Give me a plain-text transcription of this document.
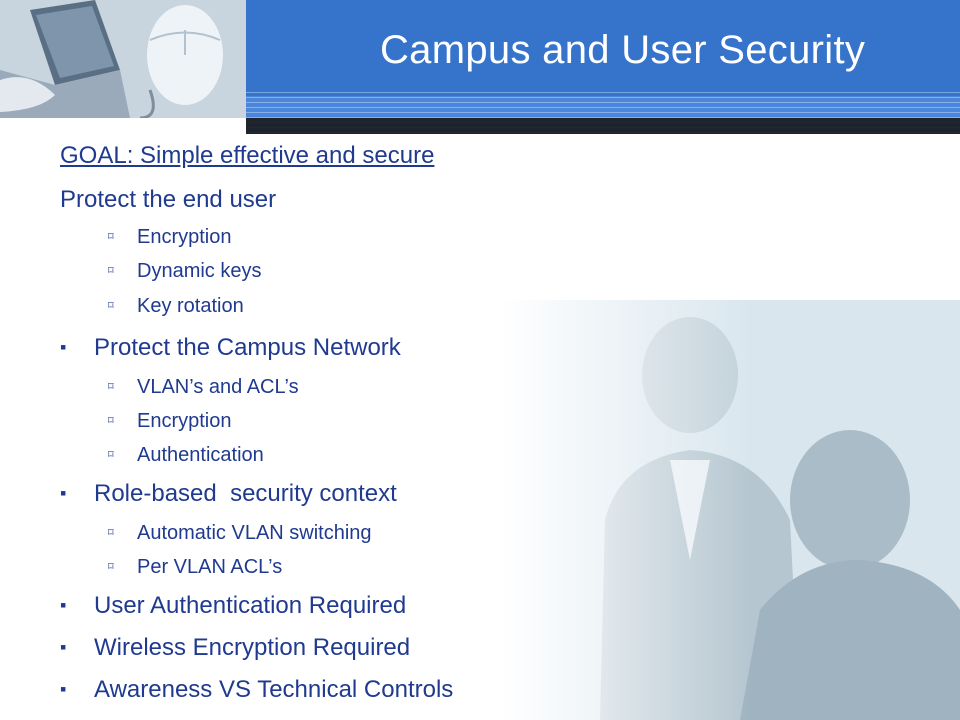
Campus and User Security
GOAL: Simple effective and secure
Protect the end user
⌑ Encryption
⌑ Dynamic keys
⌑ Key rotation
▪ Protect the Campus Network
⌑ VLAN’s and ACL’s
⌑ Encryption
⌑ Authentication
▪ Role-based  security context
⌑ Automatic VLAN switching
⌑ Per VLAN ACL’s
▪ User Authentication Required
▪ Wireless Encryption Required
▪ Awareness VS Technical Controls
